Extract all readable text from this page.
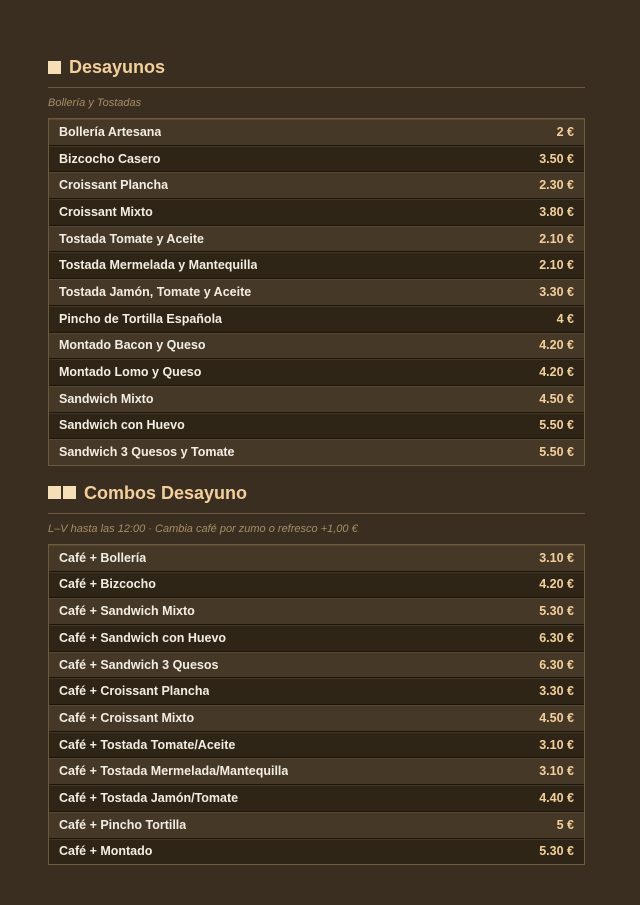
Desayunos

Bollería y Tostadas

Bollería Artesana	2 €
Bizcocho Casero	3.50 €
Croissant Plancha	2.30 €
Croissant Mixto	3.80 €
Tostada Tomate y Aceite	2.10 €
Tostada Mermelada y Mantequilla	2.10 €
Tostada Jamón, Tomate y Aceite	3.30 €
Pincho de Tortilla Española	4 €
Montado Bacon y Queso	4.20 €
Montado Lomo y Queso	4.20 €
Sandwich Mixto	4.50 €
Sandwich con Huevo	5.50 €
Sandwich 3 Quesos y Tomate	5.50 €
Combos Desayuno

L–V hasta las 12:00 · Cambia café por zumo o refresco +1,00 €

Café + Bollería	3.10 €
Café + Bizcocho	4.20 €
Café + Sandwich Mixto	5.30 €
Café + Sandwich con Huevo	6.30 €
Café + Sandwich 3 Quesos	6.30 €
Café + Croissant Plancha	3.30 €
Café + Croissant Mixto	4.50 €
Café + Tostada Tomate/Aceite	3.10 €
Café + Tostada Mermelada/Mantequilla	3.10 €
Café + Tostada Jamón/Tomate	4.40 €
Café + Pincho Tortilla	5 €
Café + Montado	5.30 €
